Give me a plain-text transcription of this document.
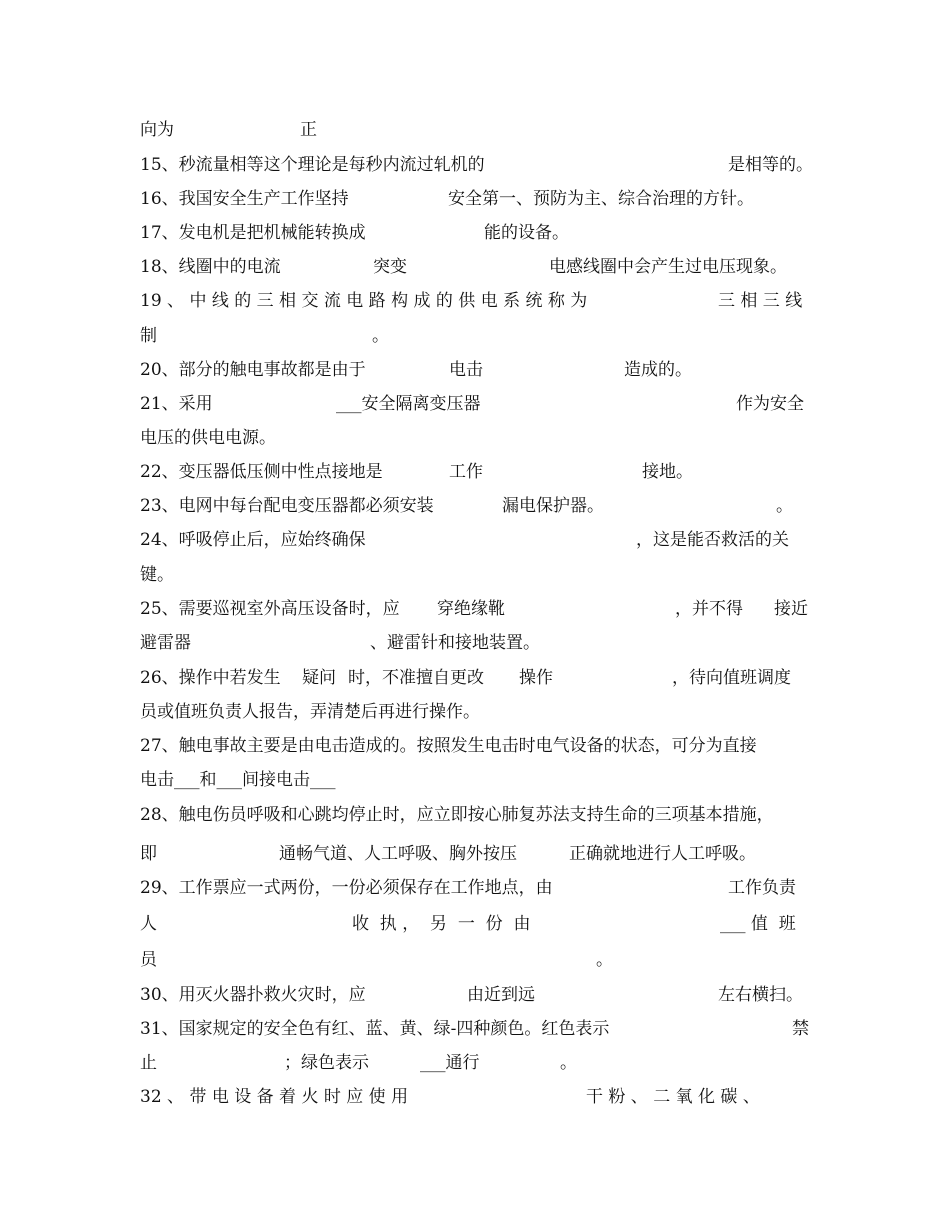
向为

	正

15、秒流量相等这个理论是每秒内流过轧机的

	是相等的。

16、我国安全生产工作坚持

	安全第一、预防为主、综合治理的方针。

17、发电机是把机械能转换成

	能的设备。

18、线圈中的电流

	突变

	电感线圈中会产生过电压现象。

19 、 中 线 的 三 相 交 流 电 路 构 成 的 供 电 系 统 称 为

	三 相 三 线

制

	。

20、部分的触电事故都是由于

	电击

	造成的。

21、采用

	___安全隔离变压器

	作为安全

电压的供电电源。

22、变压器低压侧中性点接地是

	工作

	接地。

23、电网中每台配电变压器都必须安装

	漏电保护器。

	。

24、呼吸停止后，应始终确保

	，这是能否救活的关

键。

25、需要巡视室外高压设备时，应

穿绝缘靴

	，并不得

接近

避雷器

	、避雷针和接地装置。

26、操作中若发生

疑问

时，不准擅自更改

操作

	，待向值班调度

员或值班负责人报告，弄清楚后再进行操作。

27、触电事故主要是由电击造成的。按照发生电击时电气设备的状态，可分为直接

电击___和___间接电击___

28、触电伤员呼吸和心跳均停止时，应立即按心肺复苏法支持生命的三项基本措施，

即

	通畅气道、人工呼吸、胸外按压

	正确就地进行人工呼吸。

29、工作票应一式两份，一份必须保存在工作地点，由

	工作负责

人

	收  执 ，  另  一  份  由

	___ 值  班

员

	。

30、用灭火器扑救火灾时，应

	由近到远

	左右横扫。

31、国家规定的安全色有红、蓝、黄、绿-四种颜色。红色表示

	禁

止

	；绿色表示

	___通行

	。

32 、 带 电 设 备 着 火 时 应 使 用

	干 粉 、 二 氧 化 碳 、
